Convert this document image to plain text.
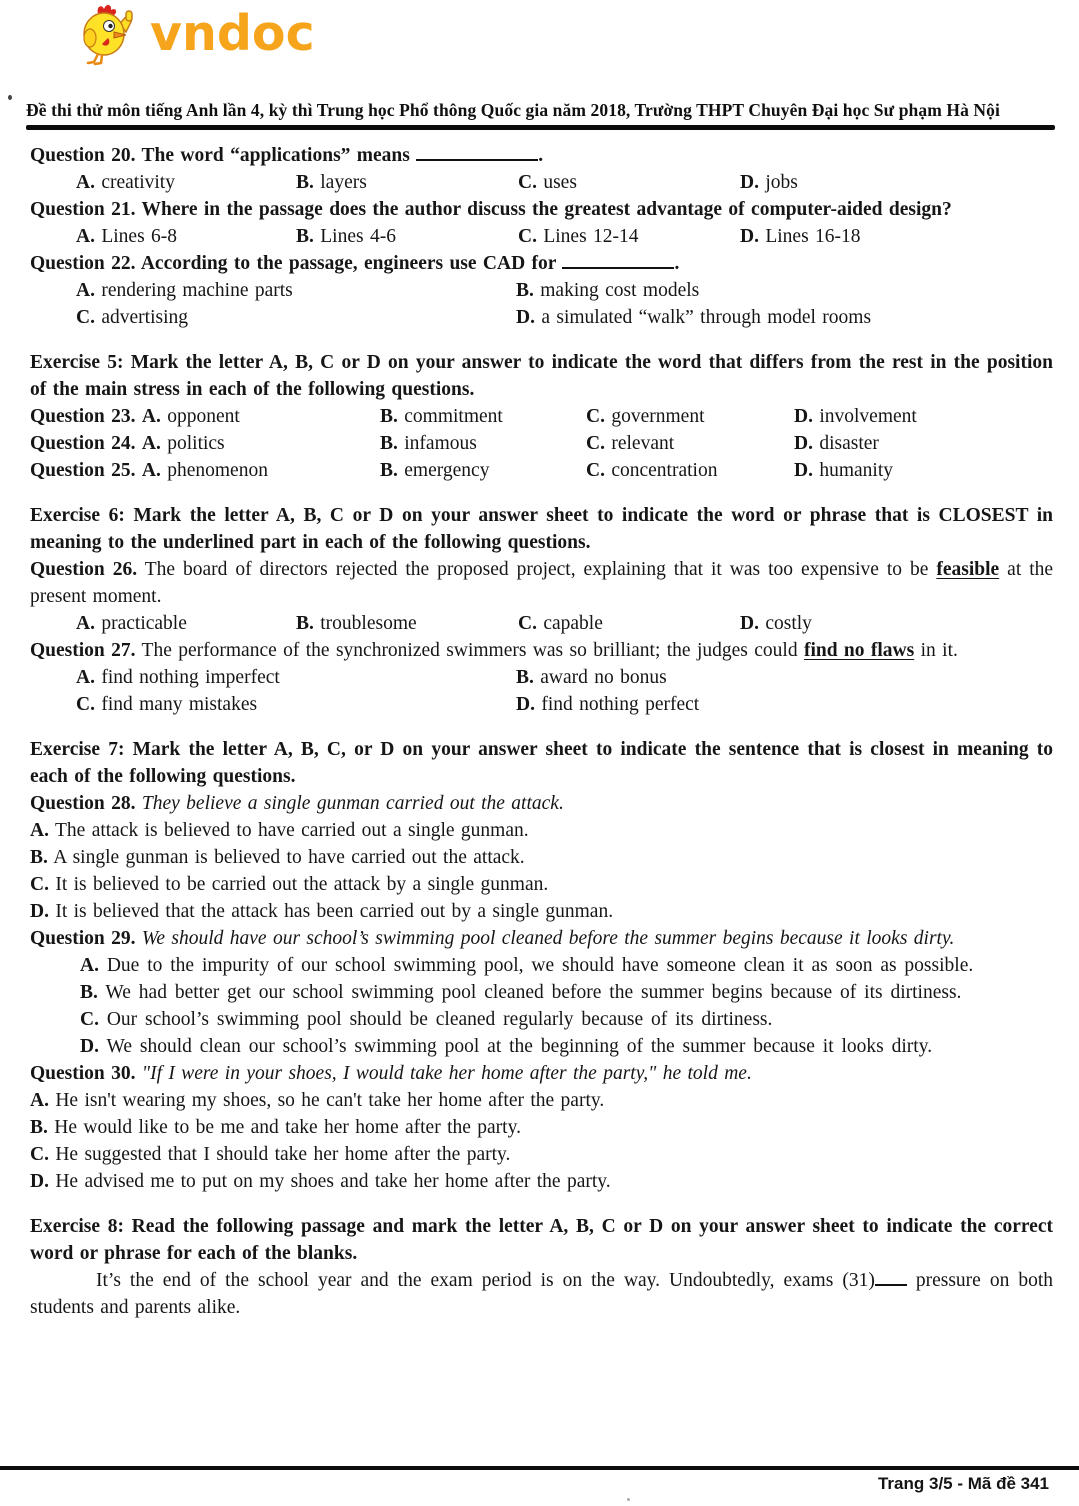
vndoc
Đề thi thử môn tiếng Anh lần 4, kỳ thì Trung học Phổ thông Quốc gia năm 2018, Trường THPT Chuyên Đại học Sư phạm Hà Nội

Question 20. The word “applications” means	.

A. creativity	B. layers	C. uses	D. jobs

Question 21. Where in the passage does the author discuss the greatest advantage of computer-aided design?

A. Lines 6-8	B. Lines 4-6	C. Lines 12-14	D. Lines 16-18

Question 22. According to the passage, engineers use CAD for	.

A. rendering machine parts	B. making cost models
C. advertising	D. a simulated “walk” through model rooms

Exercise 5: Mark the letter A, B, C or D on your answer to indicate the word that differs from the rest in the position of the main stress in each of the following questions.

Question 23. A. opponent	B. commitment	C. government	D. involvement
Question 24. A. politics	B. infamous	C. relevant	D. disaster
Question 25. A. phenomenon	B. emergency	C. concentration	D. humanity

Exercise 6: Mark the letter A, B, C or D on your answer sheet to indicate the word or phrase that is CLOSEST in meaning to the underlined part in each of the following questions.

Question 26. The board of directors rejected the proposed project, explaining that it was too expensive to be feasible at the present moment.

A. practicable	B. troublesome	C. capable	D. costly

Question 27. The performance of the synchronized swimmers was so brilliant; the judges could find no flaws in it.

A. find nothing imperfect	B. award no bonus
C. find many mistakes	D. find nothing perfect

Exercise 7: Mark the letter A, B, C, or D on your answer sheet to indicate the sentence that is closest in meaning to each of the following questions.

Question 28. They believe a single gunman carried out the attack.

A. The attack is believed to have carried out a single gunman.

B. A single gunman is believed to have carried out the attack.

C. It is believed to be carried out the attack by a single gunman.

D. It is believed that the attack has been carried out by a single gunman.

Question 29. We should have our school’s swimming pool cleaned before the summer begins because it looks dirty.

A. Due to the impurity of our school swimming pool, we should have someone clean it as soon as possible.

B. We had better get our school swimming pool cleaned before the summer begins because of its dirtiness.

C. Our school’s swimming pool should be cleaned regularly because of its dirtiness.

D. We should clean our school’s swimming pool at the beginning of the summer because it looks dirty.

Question 30. "If I were in your shoes, I would take her home after the party," he told me.

A. He isn't wearing my shoes, so he can't take her home after the party.

B. He would like to be me and take her home after the party.

C. He suggested that I should take her home after the party.

D. He advised me to put on my shoes and take her home after the party.

Exercise 8: Read the following passage and mark the letter A, B, C or D on your answer sheet to indicate the correct word or phrase for each of the blanks.

It’s the end of the school year and the exam period is on the way. Undoubtedly, exams (31) pressure on both students and parents alike.

Trang 3/5 - Mã đề 341
